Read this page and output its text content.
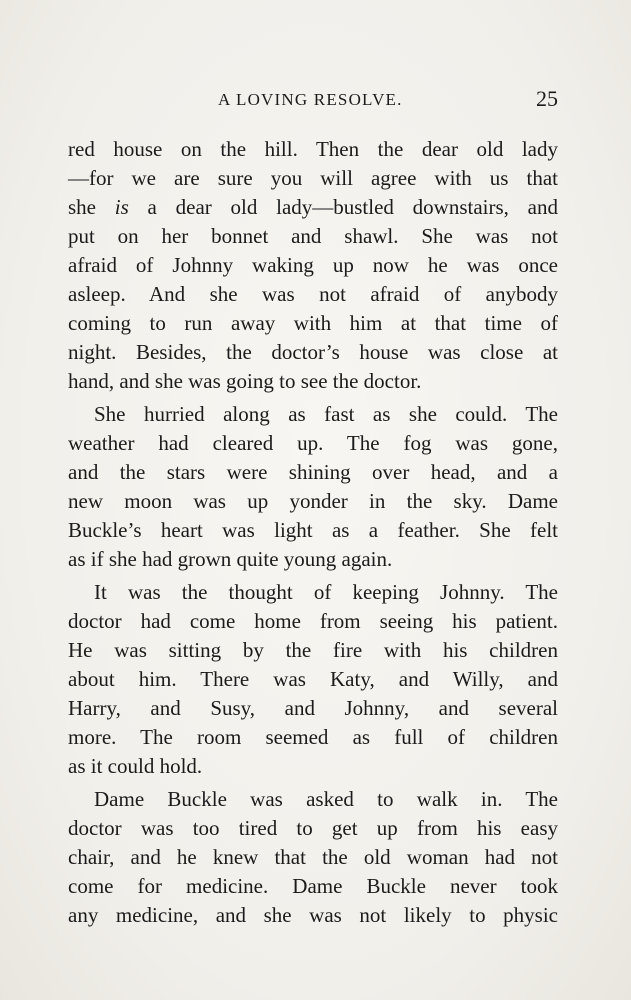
A LOVING RESOLVE.	25
red house on the hill. Then the dear old lady
—for we are sure you will agree with us that
she is a dear old lady—bustled downstairs, and
put on her bonnet and shawl. She was not
afraid of Johnny waking up now he was once
asleep. And she was not afraid of anybody
coming to run away with him at that time of
night. Besides, the doctor’s house was close at
hand, and she was going to see the doctor.
She hurried along as fast as she could. The
weather had cleared up. The fog was gone,
and the stars were shining over head, and a
new moon was up yonder in the sky. Dame
Buckle’s heart was light as a feather. She felt
as if she had grown quite young again.
It was the thought of keeping Johnny. The
doctor had come home from seeing his patient.
He was sitting by the fire with his children
about him. There was Katy, and Willy, and
Harry, and Susy, and Johnny, and several
more. The room seemed as full of children
as it could hold.
Dame Buckle was asked to walk in. The
doctor was too tired to get up from his easy
chair, and he knew that the old woman had not
come for medicine. Dame Buckle never took
any medicine, and she was not likely to physic
